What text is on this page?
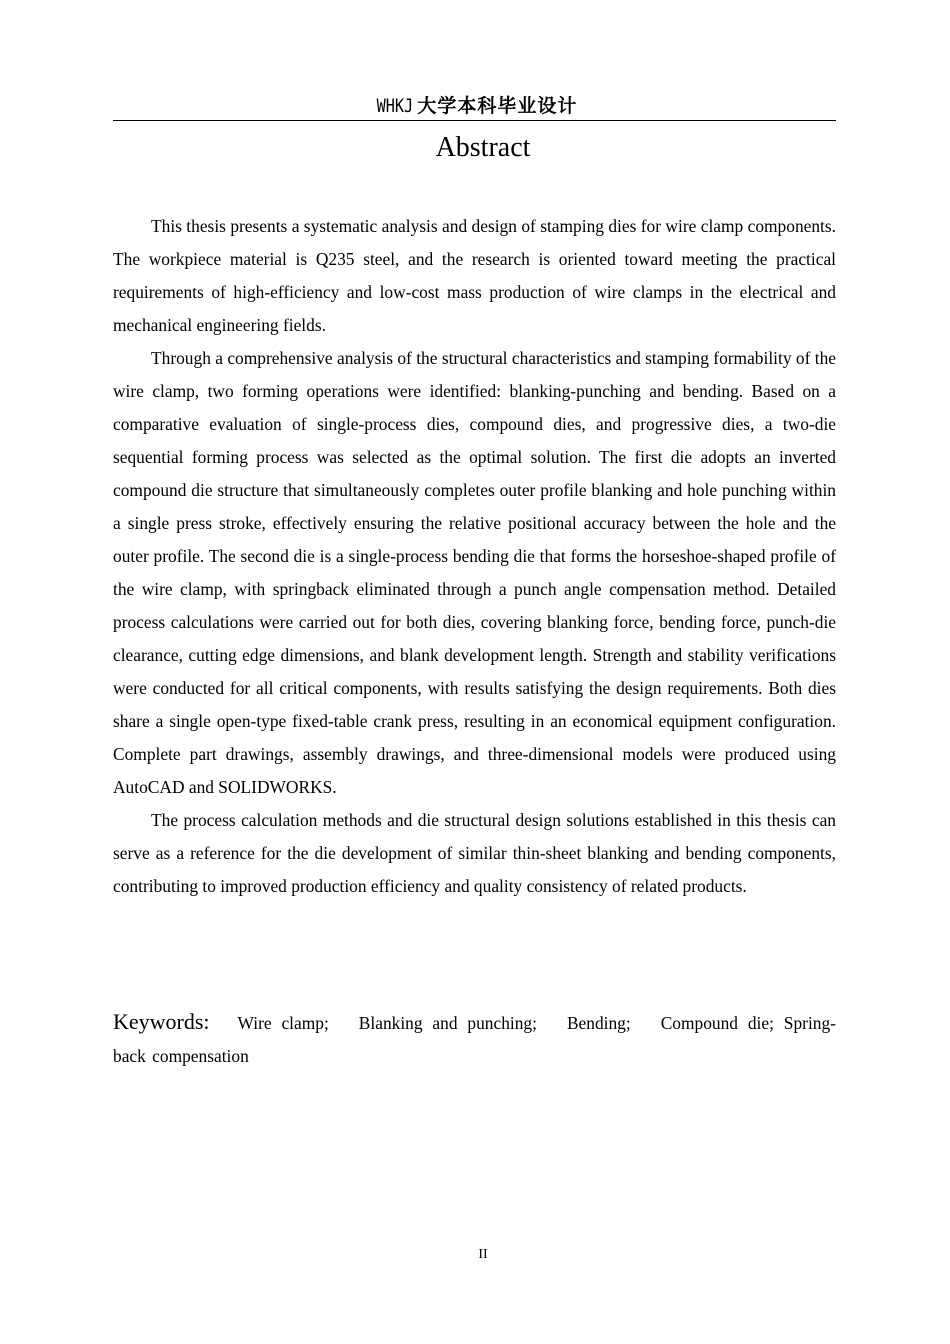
WHKJ 大学本科毕业设计
Abstract

This thesis presents a systematic analysis and design of stamping dies for wire clamp components. The workpiece material is Q235 steel, and the research is oriented toward meeting the practical requirements of high-efficiency and low-cost mass production of wire clamps in the electrical and mechanical engineering fields.

Through a comprehensive analysis of the structural characteristics and stamping formability of the wire clamp, two forming operations were identified: blanking-punching and bending. Based on a comparative evaluation of single-process dies, compound dies, and progressive dies, a two-die sequential forming process was selected as the optimal solution. The first die adopts an inverted compound die structure that simultaneously completes outer profile blanking and hole punching within a single press stroke, effectively ensuring the relative positional accuracy between the hole and the outer profile. The second die is a single-process bending die that forms the horseshoe-shaped profile of the wire clamp, with springback eliminated through a punch angle compensation method. Detailed process calculations were carried out for both dies, covering blanking force, bending force, punch-die clearance, cutting edge dimensions, and blank development length. Strength and stability verifications were conducted for all critical components, with results satisfying the design requirements. Both dies share a single open-type fixed-table crank press, resulting in an economical equipment configuration. Complete part drawings, assembly drawings, and three-dimensional models were produced using AutoCAD and SOLIDWORKS.

The process calculation methods and die structural design solutions established in this thesis can serve as a reference for the die development of similar thin-sheet blanking and bending components, contributing to improved production efficiency and quality consistency of related products.

Keywords: Wire clamp; Blanking and punching; Bending; Compound die; Spring-back compensation
II
